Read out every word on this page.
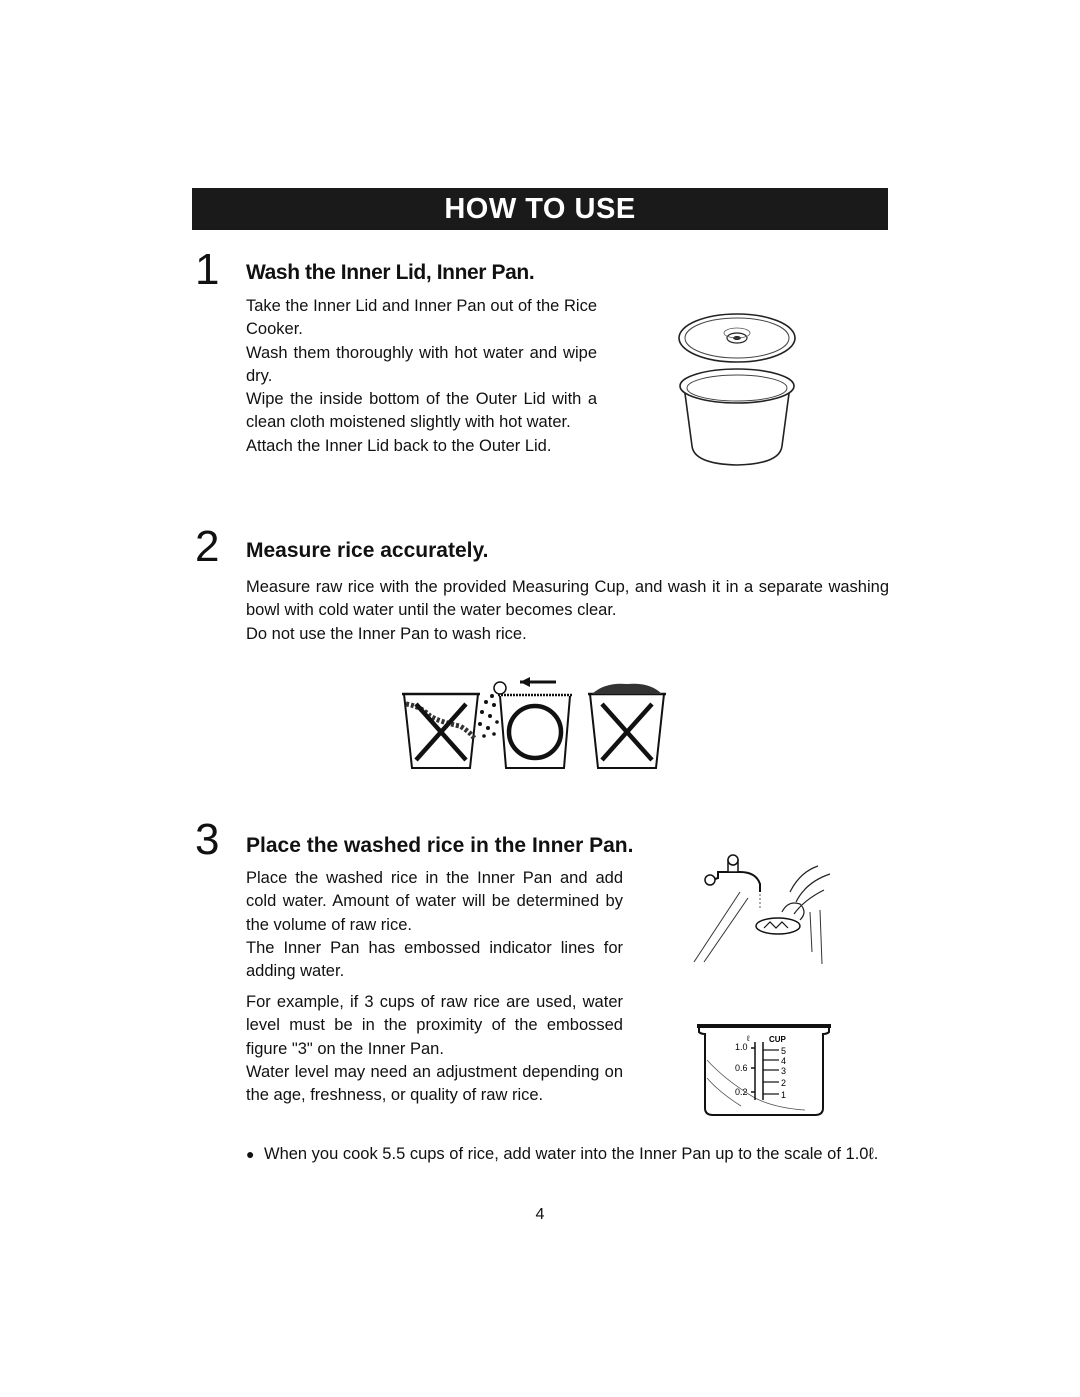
HOW TO USE
1 Wash the Inner Lid, Inner Pan.

Take the Inner Lid and Inner Pan out of the Rice Cooker.

Wash them thoroughly with hot water and wipe dry.

Wipe the inside bottom of the Outer Lid with a clean cloth moistened slightly with hot water.

Attach the Inner Lid back to the Outer Lid.

2 Measure rice accurately.

Measure raw rice with the provided Measuring Cup, and wash it in a separate washing bowl with cold water until the water becomes clear.

Do not use the Inner Pan to wash rice.

3 Place the washed rice in the Inner Pan.

Place the washed rice in the Inner Pan and add cold water. Amount of water will be determined by the volume of raw rice.

The Inner Pan has embossed indicator lines for adding water.

For example, if 3 cups of raw rice are used, water level must be in the proximity of the embossed figure "3" on the Inner Pan.

Water level may need an adjustment depending on the age, freshness, or quality of raw rice.

ℓ CUP
1.0
0.6
0.2
5
4
3
2
1
● When you cook 5.5 cups of rice, add water into the Inner Pan up to the scale of 1.0ℓ.

4
